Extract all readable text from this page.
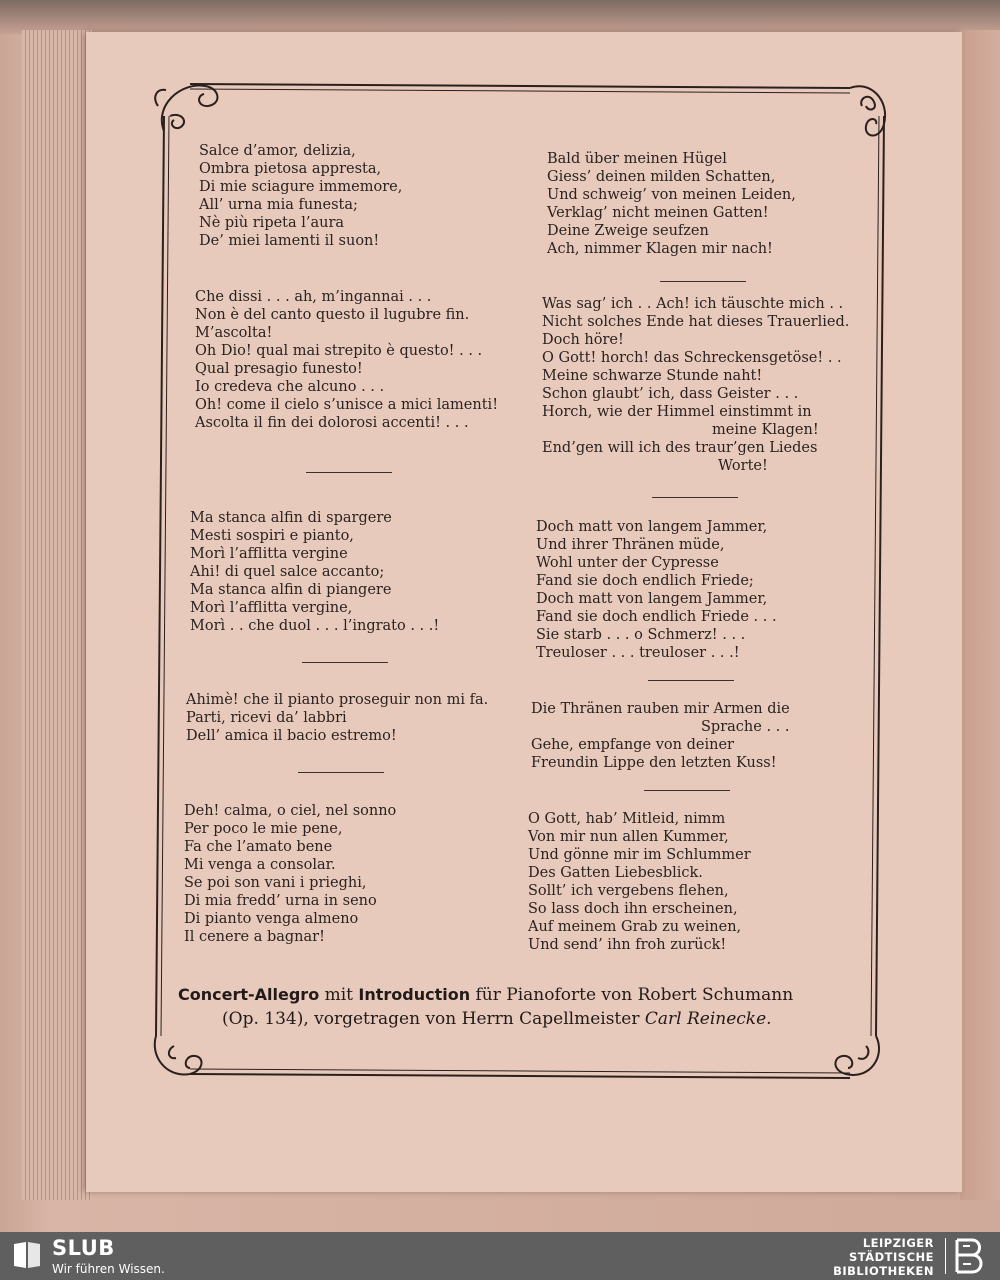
Salce d’amor, delizia,
Ombra pietosa appresta,
Di mie sciagure immemore,
All’ urna mia funesta;
Nè più ripeta l’aura
De’ miei lamenti il suon!
Che dissi . . . ah, m’ingannai . . .
Non è del canto questo il lugubre fin.
M’ascolta!
Oh Dio! qual mai strepito è questo! . . .
Qual presagio funesto!
Io credeva che alcuno . . .
Oh! come il cielo s’unisce a mici lamenti!
Ascolta il fin dei dolorosi accenti! . . .
Ma stanca alfin di spargere
Mesti sospiri e pianto,
Morì l’afflitta vergine
Ahi! di quel salce accanto;
Ma stanca alfin di piangere
Morì l’afflitta vergine,
Morì . . che duol . . . l’ingrato . . .!
Ahimè! che il pianto proseguir non mi fa.
Parti, ricevi da’ labbri
Dell’ amica il bacio estremo!
Deh! calma, o ciel, nel sonno
Per poco le mie pene,
Fa che l’amato bene
Mi venga a consolar.
Se poi son vani i prieghi,
Di mia fredd’ urna in seno
Di pianto venga almeno
Il cenere a bagnar!
Bald über meinen Hügel
Giess’ deinen milden Schatten,
Und schweig’ von meinen Leiden,
Verklag’ nicht meinen Gatten!
Deine Zweige seufzen
Ach, nimmer Klagen mir nach!
Was sag’ ich . . Ach! ich täuschte mich . .
Nicht solches Ende hat dieses Trauerlied.
Doch höre!
O Gott! horch! das Schreckensgetöse! . .
Meine schwarze Stunde naht!
Schon glaubt’ ich, dass Geister . . .
Horch, wie der Himmel einstimmt in
meine Klagen!
End’gen will ich des traur’gen Liedes
Worte!
Doch matt von langem Jammer,
Und ihrer Thränen müde,
Wohl unter der Cypresse
Fand sie doch endlich Friede;
Doch matt von langem Jammer,
Fand sie doch endlich Friede . . .
Sie starb . . . o Schmerz! . . .
Treuloser . . . treuloser . . .!
Die Thränen rauben mir Armen die
Sprache . . .
Gehe, empfange von deiner
Freundin Lippe den letzten Kuss!
O Gott, hab’ Mitleid, nimm
Von mir nun allen Kummer,
Und gönne mir im Schlummer
Des Gatten Liebesblick.
Sollt’ ich vergebens flehen,
So lass doch ihn erscheinen,
Auf meinem Grab zu weinen,
Und send’ ihn froh zurück!
Concert-Allegro mit Introduction für Pianoforte von Robert Schumann
(Op. 134), vorgetragen von Herrn Capellmeister Carl Reinecke.
SLUB
Wir führen Wissen.
LEIPZIGER
STÄDTISCHE
BIBLIOTHEKEN
